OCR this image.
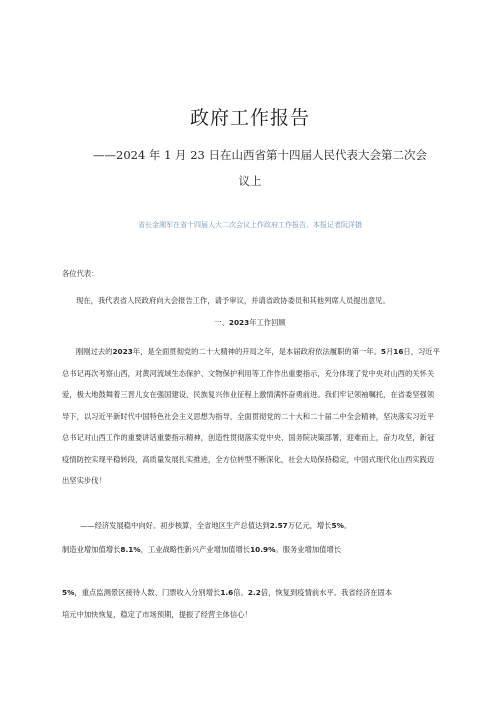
政府工作报告
——2024 年 1 月 23 日在山西省第十四届人民代表大会第二次会
议上
省长金湘军在省十四届人大二次会议上作政府工作报告。本报记者阮洋摄
各位代表：
现在，我代表省人民政府向大会报告工作，请予审议，并请省政协委员和其他列席人员提出意见。
一、2023年工作回顾
刚刚过去的2023年，是全面贯彻党的二十大精神的开局之年，是本届政府依法履职的第一年。5月16日，习近平总书记再次考察山西，对黄河流域生态保护、文物保护利用等工作作出重要指示，充分体现了党中央对山西的关怀关爱，极大地鼓舞着三晋儿女在强国建设、民族复兴伟业征程上激情满怀奋勇前进。我们牢记领袖嘱托，在省委坚强领导下，以习近平新时代中国特色社会主义思想为指导，全面贯彻党的二十大和二十届二中全会精神，坚决落实习近平总书记对山西工作的重要讲话重要指示精神，创造性贯彻落实党中央、国务院决策部署，迎难而上，奋力攻坚，新冠疫情防控实现平稳转段，高质量发展扎实推进，全方位转型不断深化，社会大局保持稳定，中国式现代化山西实践迈出坚实步伐！
——经济发展稳中向好。初步核算，全省地区生产总值达到2.57万亿元，增长5%。
制造业增加值增长8.1%，工业战略性新兴产业增加值增长10.9%。服务业增加值增长
5%，重点监测景区接待人数、门票收入分别增长1.6倍、2.2倍，恢复到疫情前水平。我省经济在固本
培元中加快恢复，稳定了市场预期，提振了经营主体信心！
